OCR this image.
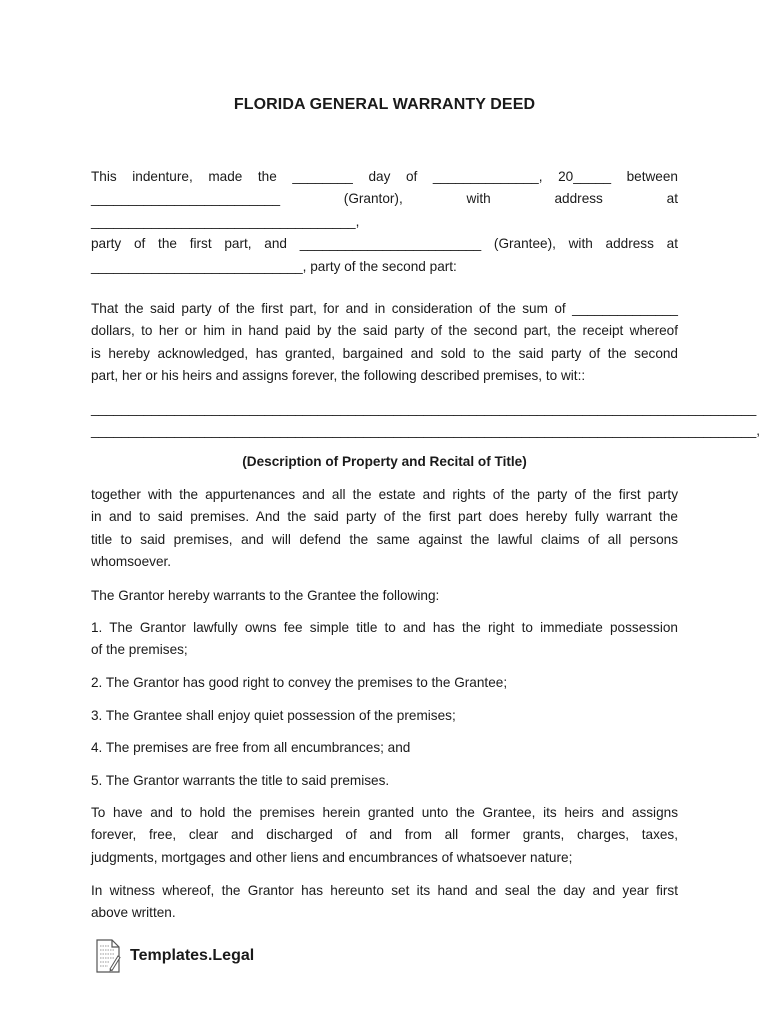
FLORIDA GENERAL WARRANTY DEED
This indenture, made the ________ day of ______________, 20_____ between
_________________________ (Grantor), with address at ___________________________________,
party of the first part, and ________________________ (Grantee), with address at
____________________________, party of the second part:
That the said party of the first part, for and in consideration of the sum of ______________
dollars, to her or him in hand paid by the said party of the second part, the receipt whereof
is hereby acknowledged, has granted, bargained and sold to the said party of the second
part, her or his heirs and assigns forever, the following described premises, to wit::
________________________________________________________________________________________
________________________________________________________________________________________,
(Description of Property and Recital of Title)
together with the appurtenances and all the estate and rights of the party of the first party
in and to said premises. And the said party of the first part does hereby fully warrant the
title to said premises, and will defend the same against the lawful claims of all persons
whomsoever.
The Grantor hereby warrants to the Grantee the following:
1. The Grantor lawfully owns fee simple title to and has the right to immediate possession
of the premises;
2. The Grantor has good right to convey the premises to the Grantee;
3. The Grantee shall enjoy quiet possession of the premises;
4. The premises are free from all encumbrances; and
5. The Grantor warrants the title to said premises.
To have and to hold the premises herein granted unto the Grantee, its heirs and assigns
forever, free, clear and discharged of and from all former grants, charges, taxes,
judgments, mortgages and other liens and encumbrances of whatsoever nature;
In witness whereof, the Grantor has hereunto set its hand and seal the day and year first
above written.
Templates.Legal
